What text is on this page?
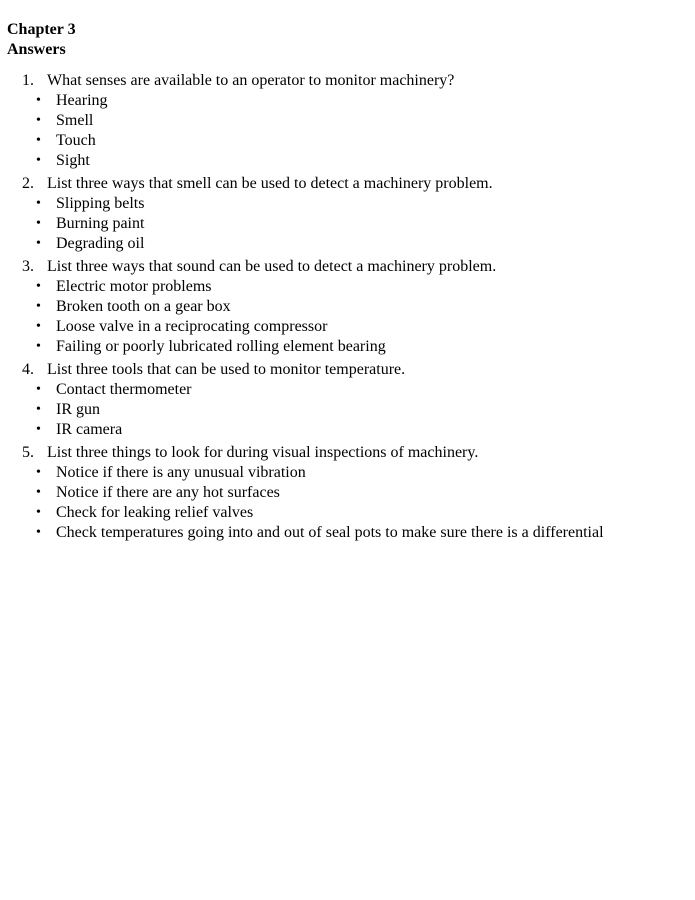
Chapter 3
Answers
1. What senses are available to an operator to monitor machinery?
• Hearing
• Smell
• Touch
• Sight
2. List three ways that smell can be used to detect a machinery problem.
• Slipping belts
• Burning paint
• Degrading oil
3. List three ways that sound can be used to detect a machinery problem.
• Electric motor problems
• Broken tooth on a gear box
• Loose valve in a reciprocating compressor
• Failing or poorly lubricated rolling element bearing
4. List three tools that can be used to monitor temperature.
• Contact thermometer
• IR gun
• IR camera
5. List three things to look for during visual inspections of machinery.
• Notice if there is any unusual vibration
• Notice if there are any hot surfaces
• Check for leaking relief valves
• Check temperatures going into and out of seal pots to make sure there is a differential
